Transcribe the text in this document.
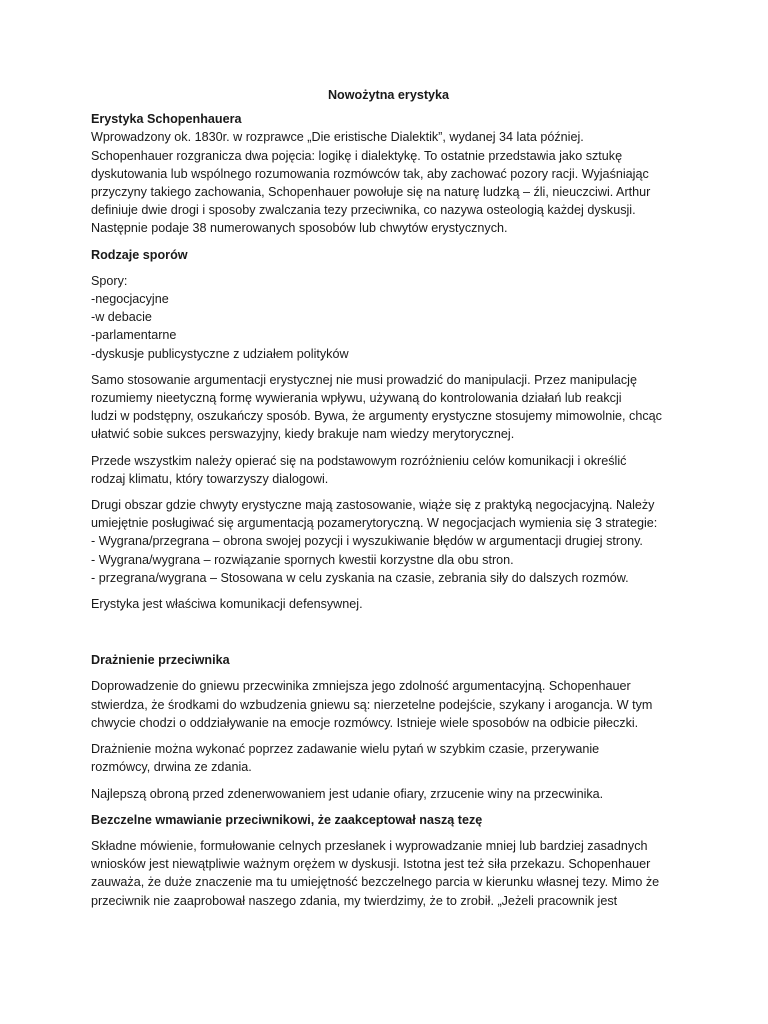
Nowożytna erystyka

Erystyka Schopenhauera

Wprowadzony ok. 1830r. w rozprawce „Die eristische Dialektik”, wydanej 34 lata później.
Schopenhauer rozgranicza dwa pojęcia: logikę i dialektykę. To ostatnie przedstawia jako sztukę
dyskutowania lub wspólnego rozumowania rozmówców tak, aby zachować pozory racji. Wyjaśniając
przyczyny takiego zachowania, Schopenhauer powołuje się na naturę ludzką – źli, nieuczciwi. Arthur
definiuje dwie drogi i sposoby zwalczania tezy przeciwnika, co nazywa osteologią każdej dyskusji.
Następnie podaje 38 numerowanych sposobów lub chwytów erystycznych.

Rodzaje sporów

Spory:
-negocjacyjne
-w debacie
-parlamentarne
-dyskusje publicystyczne z udziałem polityków
Samo stosowanie argumentacji erystycznej nie musi prowadzić do manipulacji. Przez manipulację
rozumiemy nieetyczną formę wywierania wpływu, używaną do kontrolowania działań lub reakcji
ludzi w podstępny, oszukańczy sposób. Bywa, że argumenty erystyczne stosujemy mimowolnie, chcąc
ułatwić sobie sukces perswazyjny, kiedy brakuje nam wiedzy merytorycznej.
Przede wszystkim należy opierać się na podstawowym rozróżnieniu celów komunikacji i określić
rodzaj klimatu, który towarzyszy dialogowi.
Drugi obszar gdzie chwyty erystyczne mają zastosowanie, wiąże się z praktyką negocjacyjną. Należy
umiejętnie posługiwać się argumentacją pozamerytoryczną. W negocjacjach wymienia się 3 strategie:
- Wygrana/przegrana – obrona swojej pozycji i wyszukiwanie błędów w argumentacji drugiej strony.
- Wygrana/wygrana – rozwiązanie spornych kwestii korzystne dla obu stron.
- przegrana/wygrana – Stosowana w celu zyskania na czasie, zebrania siły do dalszych rozmów.
Erystyka jest właściwa komunikacji defensywnej.

Drażnienie przeciwnika

Doprowadzenie do gniewu przecwinika zmniejsza jego zdolność argumentacyjną. Schopenhauer
stwierdza, że środkami do wzbudzenia gniewu są: nierzetelne podejście, szykany i arogancja. W tym
chwycie chodzi o oddziaływanie na emocje rozmówcy. Istnieje wiele sposobów na odbicie piłeczki.
Drażnienie można wykonać poprzez zadawanie wielu pytań w szybkim czasie, przerywanie
rozmówcy, drwina ze zdania.
Najlepszą obroną przed zdenerwowaniem jest udanie ofiary, zrzucenie winy na przecwinika.

Bezczelne wmawianie przeciwnikowi, że zaakceptował naszą tezę

Składne mówienie, formułowanie celnych przesłanek i wyprowadzanie mniej lub bardziej zasadnych
wniosków jest niewątpliwie ważnym orężem w dyskusji. Istotna jest też siła przekazu. Schopenhauer
zauważa, że duże znaczenie ma tu umiejętność bezczelnego parcia w kierunku własnej tezy. Mimo że
przeciwnik nie zaaprobował naszego zdania, my twierdzimy, że to zrobił. „Jeżeli pracownik jest
